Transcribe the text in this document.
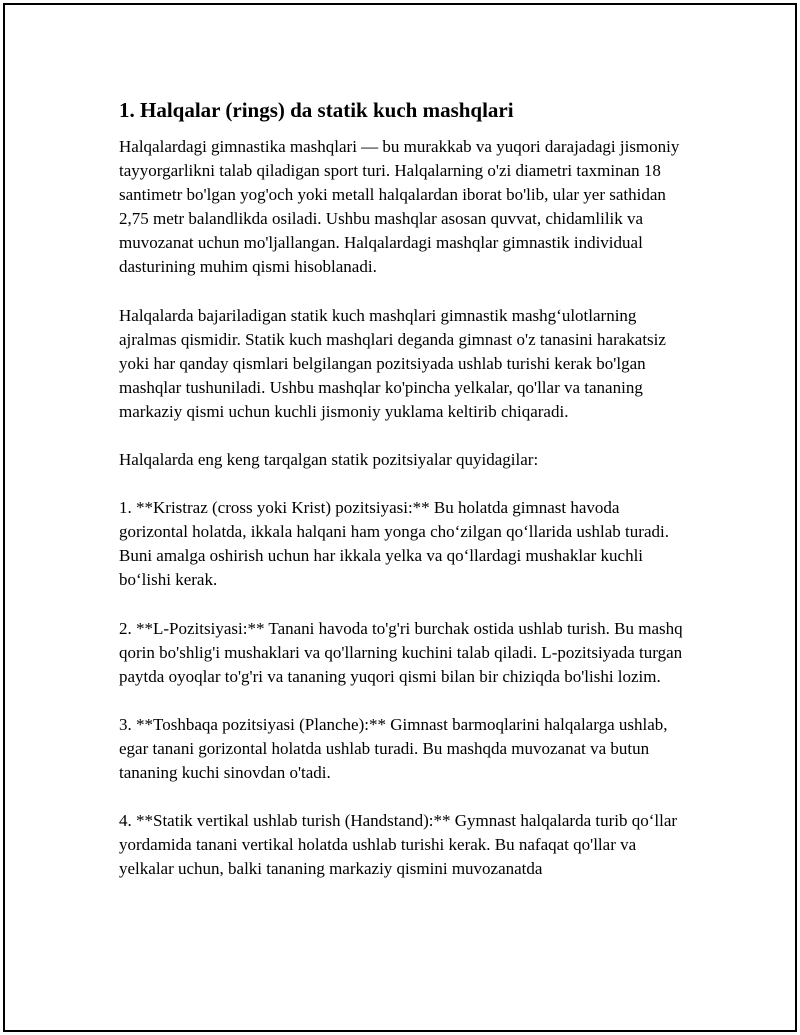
1. Halqalar (rings) da statik kuch mashqlari

Halqalardagi gimnastika mashqlari — bu murakkab va yuqori darajadagi jismoniy tayyorgarlikni talab qiladigan sport turi. Halqalarning o'zi diametri taxminan 18 santimetr bo'lgan yog'och yoki metall halqalardan iborat bo'lib, ular yer sathidan 2,75 metr balandlikda osiladi. Ushbu mashqlar asosan quvvat, chidamlilik va muvozanat uchun mo'ljallangan. Halqalardagi mashqlar gimnastik individual dasturining muhim qismi hisoblanadi.

Halqalarda bajariladigan statik kuch mashqlari gimnastik mashg‘ulotlarning ajralmas qismidir. Statik kuch mashqlari deganda gimnast o'z tanasini harakatsiz yoki har qanday qismlari belgilangan pozitsiyada ushlab turishi kerak bo'lgan mashqlar tushuniladi. Ushbu mashqlar ko'pincha yelkalar, qo'llar va tananing markaziy qismi uchun kuchli jismoniy yuklama keltirib chiqaradi.

Halqalarda eng keng tarqalgan statik pozitsiyalar quyidagilar:

1. **Kristraz (cross yoki Krist) pozitsiyasi:** Bu holatda gimnast havoda gorizontal holatda, ikkala halqani ham yonga cho‘zilgan qo‘llarida ushlab turadi. Buni amalga oshirish uchun har ikkala yelka va qo‘llardagi mushaklar kuchli bo‘lishi kerak.

2. **L-Pozitsiyasi:** Tanani havoda to'g'ri burchak ostida ushlab turish. Bu mashq qorin bo'shlig'i mushaklari va qo'llarning kuchini talab qiladi. L-pozitsiyada turgan paytda oyoqlar to'g'ri va tananing yuqori qismi bilan bir chiziqda bo'lishi lozim.

3. **Toshbaqa pozitsiyasi (Planche):** Gimnast barmoqlarini halqalarga ushlab, egar tanani gorizontal holatda ushlab turadi. Bu mashqda muvozanat va butun tananing kuchi sinovdan o'tadi.

4. **Statik vertikal ushlab turish (Handstand):** Gymnast halqalarda turib qo‘llar yordamida tanani vertikal holatda ushlab turishi kerak. Bu nafaqat qo'llar va yelkalar uchun, balki tananing markaziy qismini muvozanatda
